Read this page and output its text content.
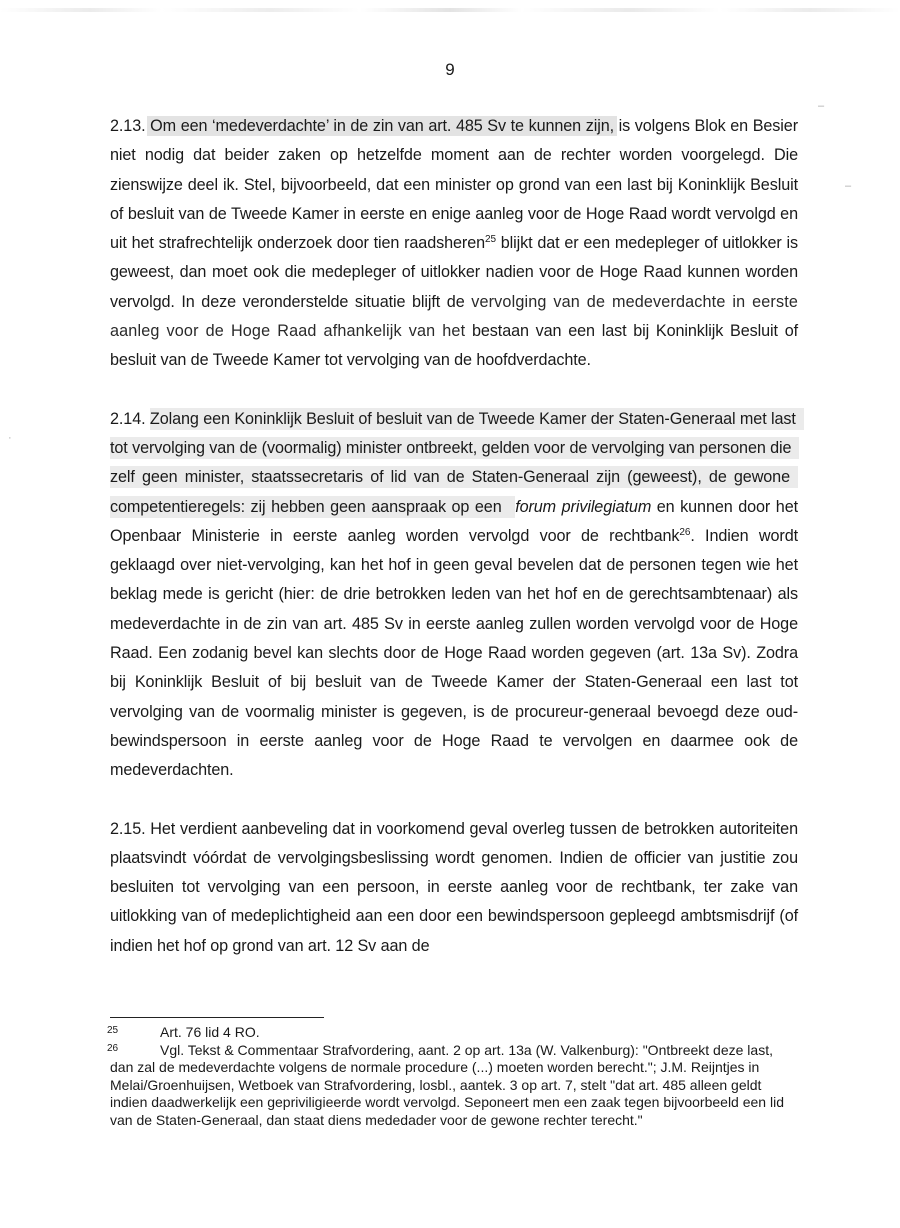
9

2.13. Om een ‘medeverdachte’ in de zin van art. 485 Sv te kunnen zijn, is volgens Blok en Besier niet nodig dat beider zaken op hetzelfde moment aan de rechter worden voorgelegd. Die zienswijze deel ik. Stel, bijvoorbeeld, dat een minister op grond van een last bij Koninklijk Besluit of besluit van de Tweede Kamer in eerste en enige aanleg voor de Hoge Raad wordt vervolgd en uit het strafrechtelijk onderzoek door tien raadsheren$^{25}$ blijkt dat er een medepleger of uitlokker is geweest, dan moet ook die medepleger of uitlokker nadien voor de Hoge Raad kunnen worden vervolgd. In deze veronderstelde situatie blijft de vervolging van de medeverdachte in eerste aanleg voor de Hoge Raad afhankelijk van het bestaan van een last bij Koninklijk Besluit of besluit van de Tweede Kamer tot vervolging van de hoofdverdachte.

2.14. Zolang een Koninklijk Besluit of besluit van de Tweede Kamer der Staten-Generaal met last tot vervolging van de (voormalig) minister ontbreekt, gelden voor de vervolging van personen die zelf geen minister, staatssecretaris of lid van de Staten-Generaal zijn (geweest), de gewone competentieregels: zij hebben geen aanspraak op een forum privilegiatum en kunnen door het Openbaar Ministerie in eerste aanleg worden vervolgd voor de rechtbank$^{26}$. Indien wordt geklaagd over niet-vervolging, kan het hof in geen geval bevelen dat de personen tegen wie het beklag mede is gericht (hier: de drie betrokken leden van het hof en de gerechtsambtenaar) als medeverdachte in de zin van art. 485 Sv in eerste aanleg zullen worden vervolgd voor de Hoge Raad. Een zodanig bevel kan slechts door de Hoge Raad worden gegeven (art. 13a Sv). Zodra bij Koninklijk Besluit of bij besluit van de Tweede Kamer der Staten-Generaal een last tot vervolging van de voormalig minister is gegeven, is de procureur-generaal bevoegd deze oud-bewindspersoon in eerste aanleg voor de Hoge Raad te vervolgen en daarmee ook de medeverdachten.

2.15. Het verdient aanbeveling dat in voorkomend geval overleg tussen de betrokken autoriteiten plaatsvindt vóórdat de vervolgingsbeslissing wordt genomen. Indien de officier van justitie zou besluiten tot vervolging van een persoon, in eerste aanleg voor de rechtbank, ter zake van uitlokking van of medeplichtigheid aan een door een bewindspersoon gepleegd ambtsmisdrijf (of indien het hof op grond van art. 12 Sv aan de

25	Art. 76 lid 4 RO.

26	Vgl. Tekst & Commentaar Strafvordering, aant. 2 op art. 13a (W. Valkenburg): "Ontbreekt deze last, dan zal de medeverdachte volgens de normale procedure (...) moeten worden berecht."; J.M. Reijntjes in Melai/Groenhuijsen, Wetboek van Strafvordering, losbl., aantek. 3 op art. 7, stelt "dat art. 485 alleen geldt indien daadwerkelijk een gepriviligieerde wordt vervolgd. Seponeert men een zaak tegen bijvoorbeeld een lid van de Staten-Generaal, dan staat diens mededader voor de gewone rechter terecht."

·
–
–
